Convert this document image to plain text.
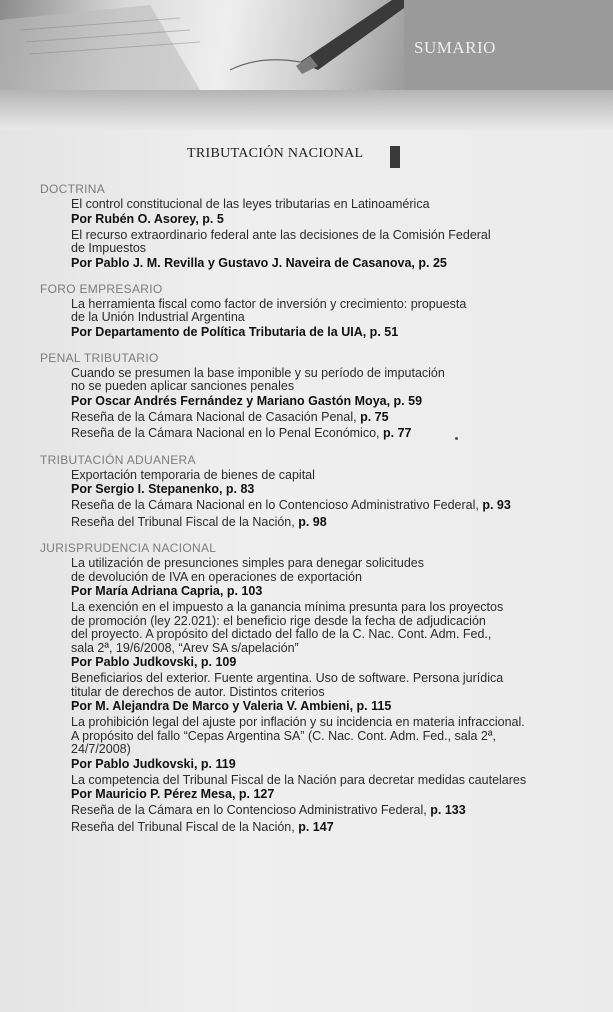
SUMARIO
TRIBUTACIÓN NACIONAL
DOCTRINA
El control constitucional de las leyes tributarias en Latinoamérica
Por Rubén O. Asorey, p. 5
El recurso extraordinario federal ante las decisiones de la Comisión Federal
de Impuestos
Por Pablo J. M. Revilla y Gustavo J. Naveira de Casanova, p. 25
FORO EMPRESARIO
La herramienta fiscal como factor de inversión y crecimiento: propuesta
de la Unión Industrial Argentina
Por Departamento de Política Tributaria de la UIA, p. 51
PENAL TRIBUTARIO
Cuando se presumen la base imponible y su período de imputación
no se pueden aplicar sanciones penales
Por Oscar Andrés Fernández y Mariano Gastón Moya, p. 59
Reseña de la Cámara Nacional de Casación Penal, p. 75
Reseña de la Cámara Nacional en lo Penal Económico, p. 77
TRIBUTACIÓN ADUANERA
Exportación temporaria de bienes de capital
Por Sergio I. Stepanenko, p. 83
Reseña de la Cámara Nacional en lo Contencioso Administrativo Federal, p. 93
Reseña del Tribunal Fiscal de la Nación, p. 98
JURISPRUDENCIA NACIONAL
La utilización de presunciones simples para denegar solicitudes
de devolución de IVA en operaciones de exportación
Por María Adriana Capria, p. 103
La exención en el impuesto a la ganancia mínima presunta para los proyectos
de promoción (ley 22.021): el beneficio rige desde la fecha de adjudicación
del proyecto. A propósito del dictado del fallo de la C. Nac. Cont. Adm. Fed.,
sala 2ª, 19/6/2008, “Arev SA s/apelación”
Por Pablo Judkovski, p. 109
Beneficiarios del exterior. Fuente argentina. Uso de software. Persona jurídica
titular de derechos de autor. Distintos criterios
Por M. Alejandra De Marco y Valeria V. Ambieni, p. 115
La prohibición legal del ajuste por inflación y su incidencia en materia infraccional.
A propósito del fallo “Cepas Argentina SA” (C. Nac. Cont. Adm. Fed., sala 2ª,
24/7/2008)
Por Pablo Judkovski, p. 119
La competencia del Tribunal Fiscal de la Nación para decretar medidas cautelares
Por Mauricio P. Pérez Mesa, p. 127
Reseña de la Cámara en lo Contencioso Administrativo Federal, p. 133
Reseña del Tribunal Fiscal de la Nación, p. 147
